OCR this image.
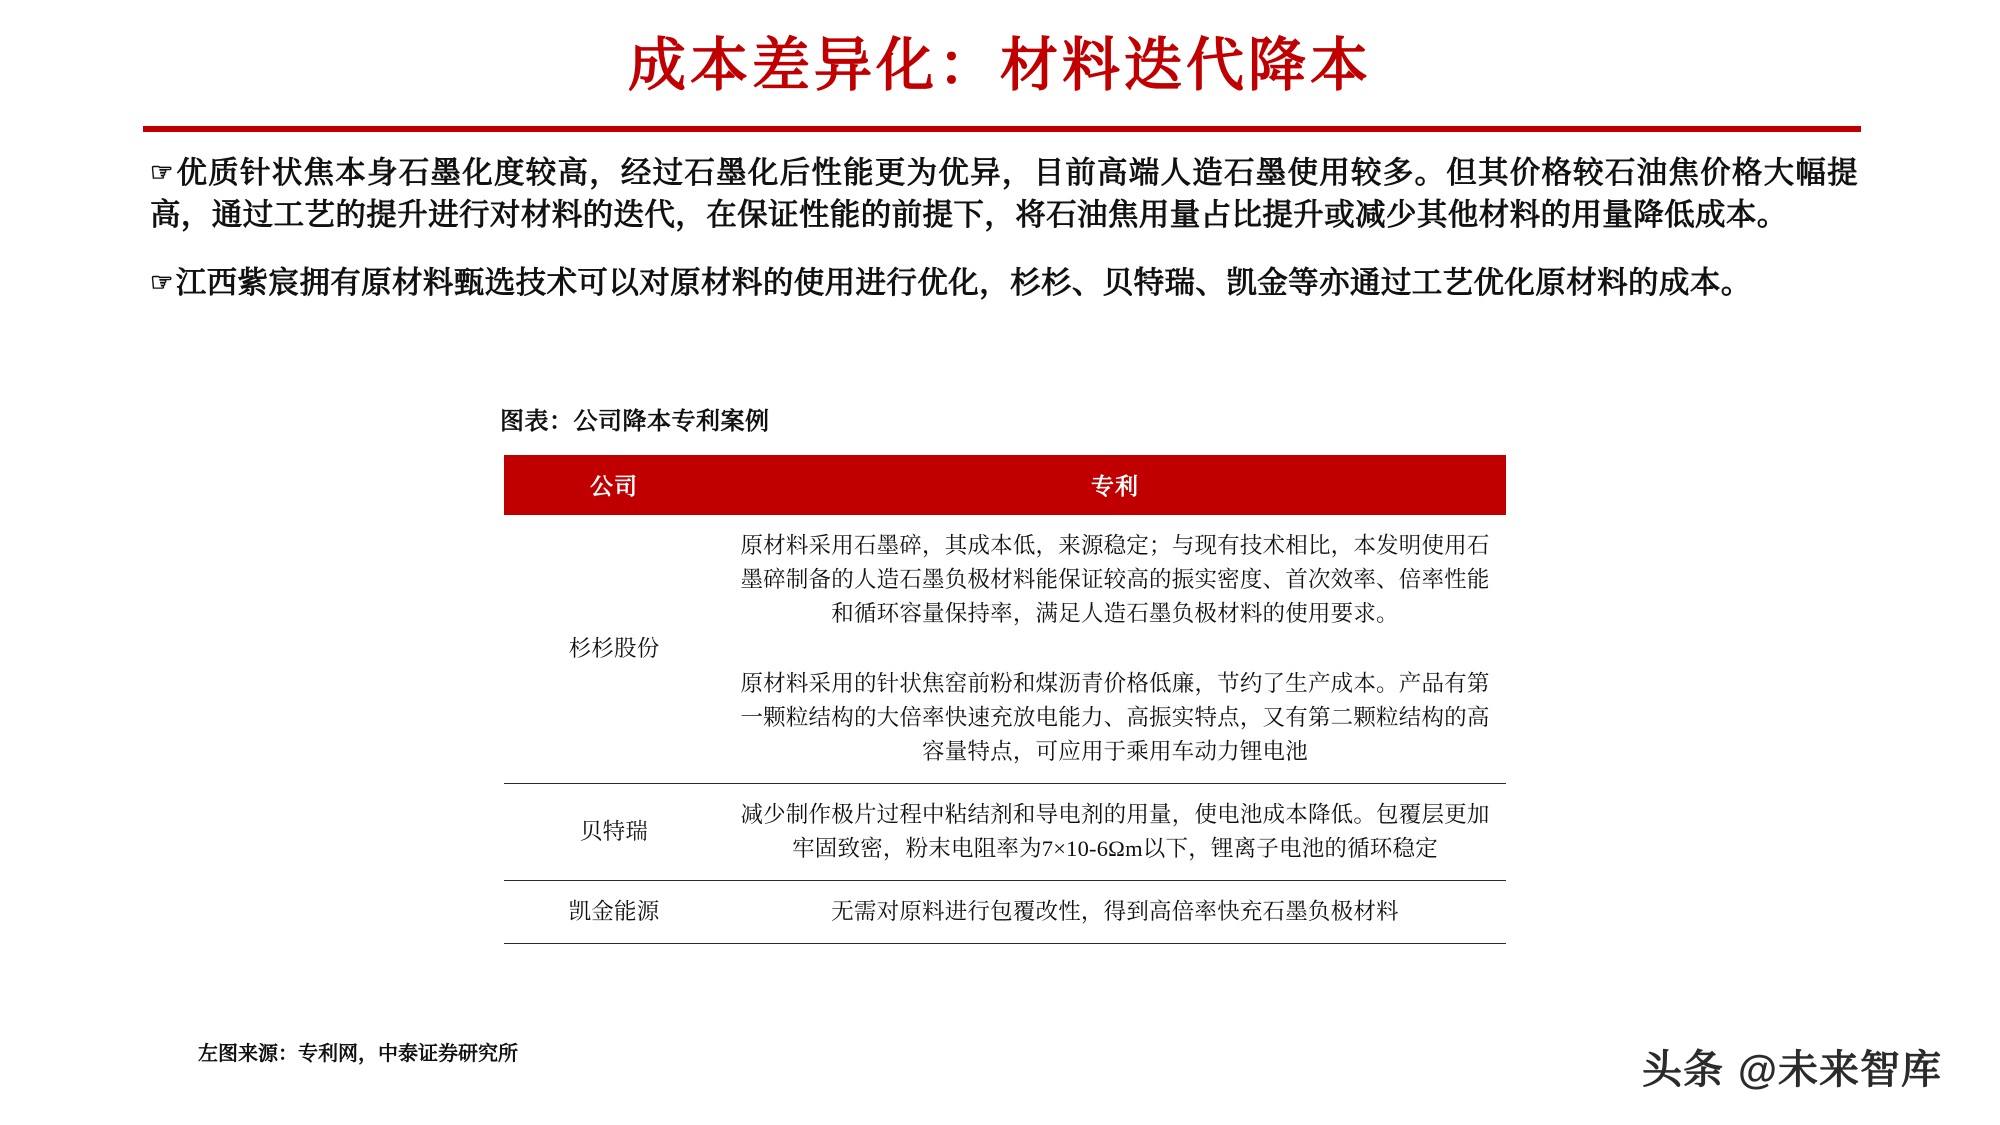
成本差异化：材料迭代降本

☞优质针状焦本身石墨化度较高，经过石墨化后性能更为优异，目前高端人造石墨使用较多。但其价格较石油焦价格大幅提高，通过工艺的提升进行对材料的迭代，在保证性能的前提下，将石油焦用量占比提升或减少其他材料的用量降低成本。

☞江西紫宸拥有原材料甄选技术可以对原材料的使用进行优化，杉杉、贝特瑞、凯金等亦通过工艺优化原材料的成本。

图表：公司降本专利案例
公司	专利
杉杉股份	原材料采用石墨碎，其成本低，来源稳定；与现有技术相比，本发明使用石墨碎制备的人造石墨负极材料能保证较高的振实密度、首次效率、倍率性能和循环容量保持率，满足人造石墨负极材料的使用要求。

原材料采用的针状焦窑前粉和煤沥青价格低廉，节约了生产成本。产品有第一颗粒结构的大倍率快速充放电能力、高振实特点，又有第二颗粒结构的高容量特点，可应用于乘用车动力锂电池

贝特瑞	减少制作极片过程中粘结剂和导电剂的用量，使电池成本降低。包覆层更加牢固致密，粉末电阻率为7×10-6Ωm以下，锂离子电池的循环稳定

凯金能源	无需对原料进行包覆改性，得到高倍率快充石墨负极材料

左图来源：专利网，中泰证券研究所	头条 @未来智库
